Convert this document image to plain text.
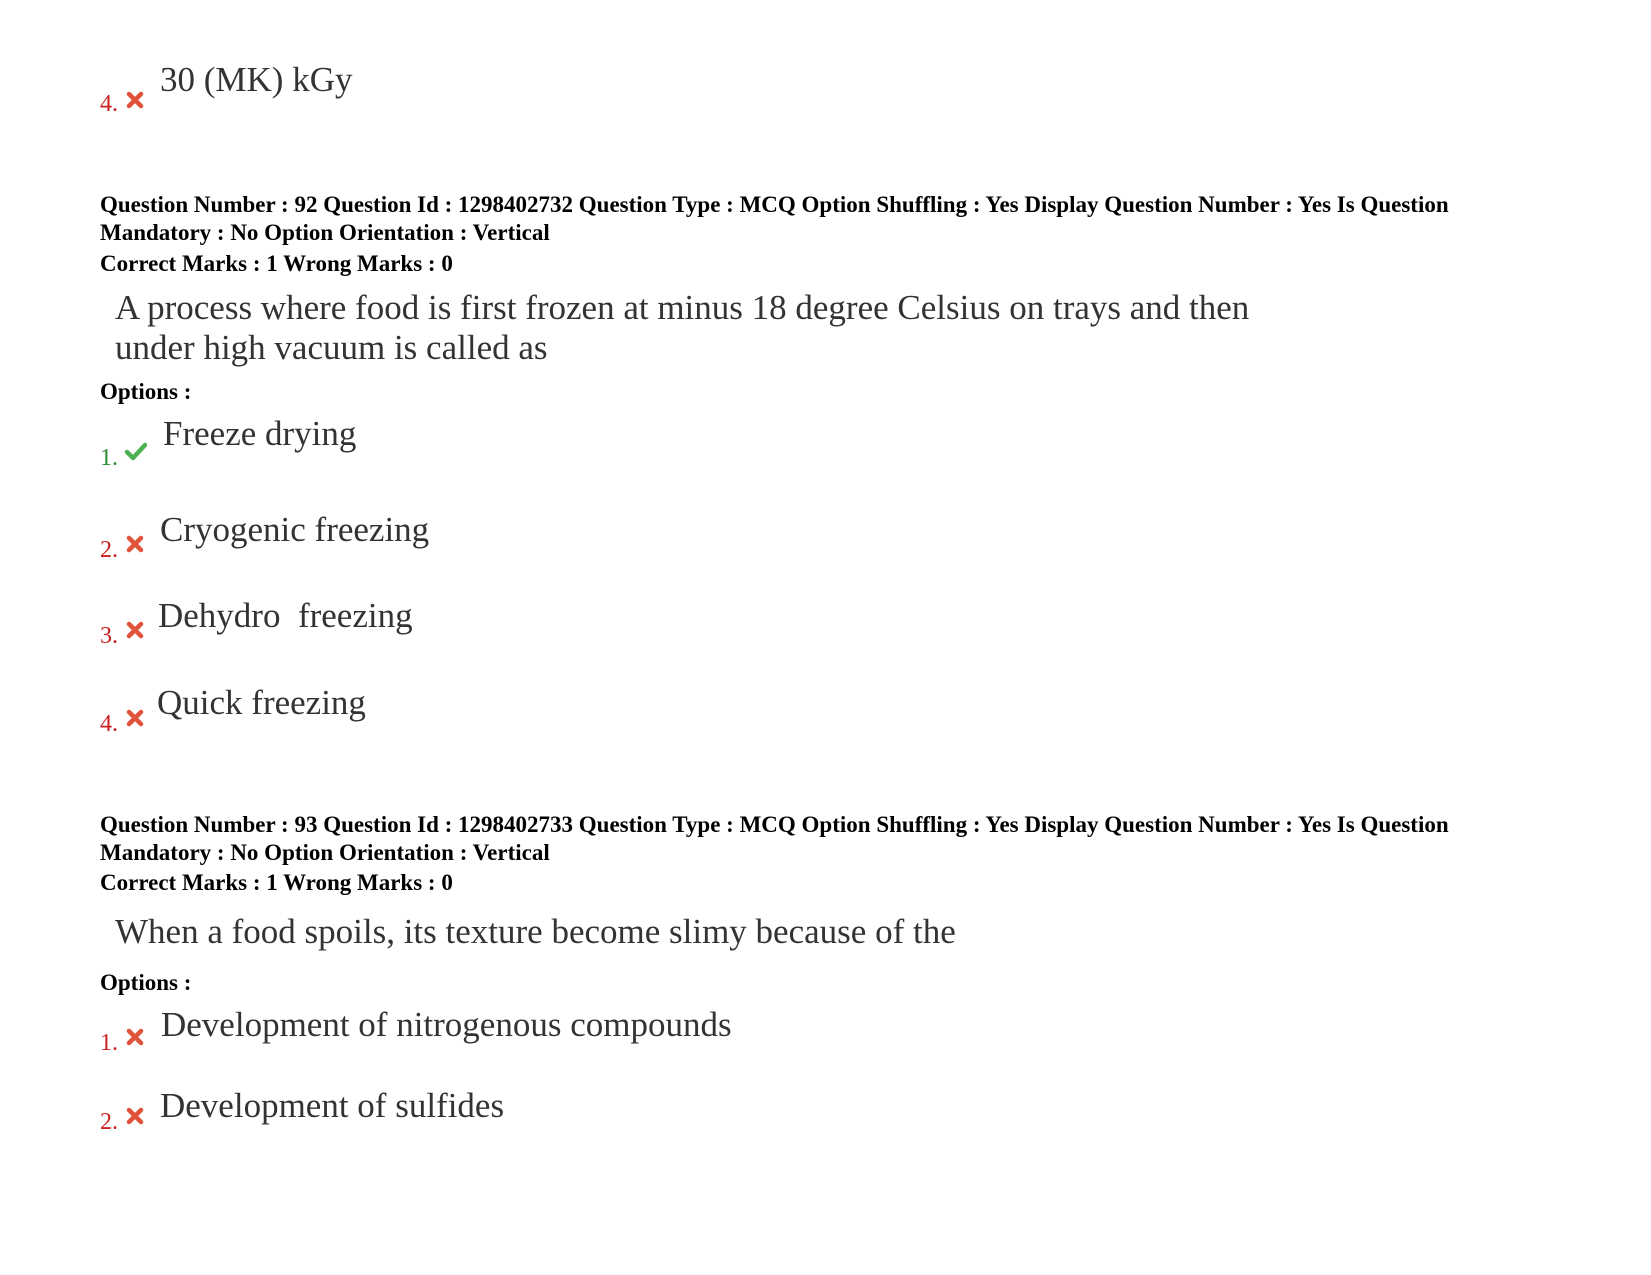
4.
30 (MK) kGy
Question Number : 92 Question Id : 1298402732 Question Type : MCQ Option Shuffling : Yes Display Question Number : Yes Is Question Mandatory : No Option Orientation : Vertical
Correct Marks : 1 Wrong Marks : 0
A process where food is first frozen at minus 18 degree Celsius on trays and then under high vacuum is called as
Options :
1.
Freeze drying
2.
Cryogenic freezing
3.
Dehydro  freezing
4.
Quick freezing
Question Number : 93 Question Id : 1298402733 Question Type : MCQ Option Shuffling : Yes Display Question Number : Yes Is Question Mandatory : No Option Orientation : Vertical
Correct Marks : 1 Wrong Marks : 0
When a food spoils, its texture become slimy because of the
Options :
1. Development of nitrogenous compounds
2. Development of sulfides
